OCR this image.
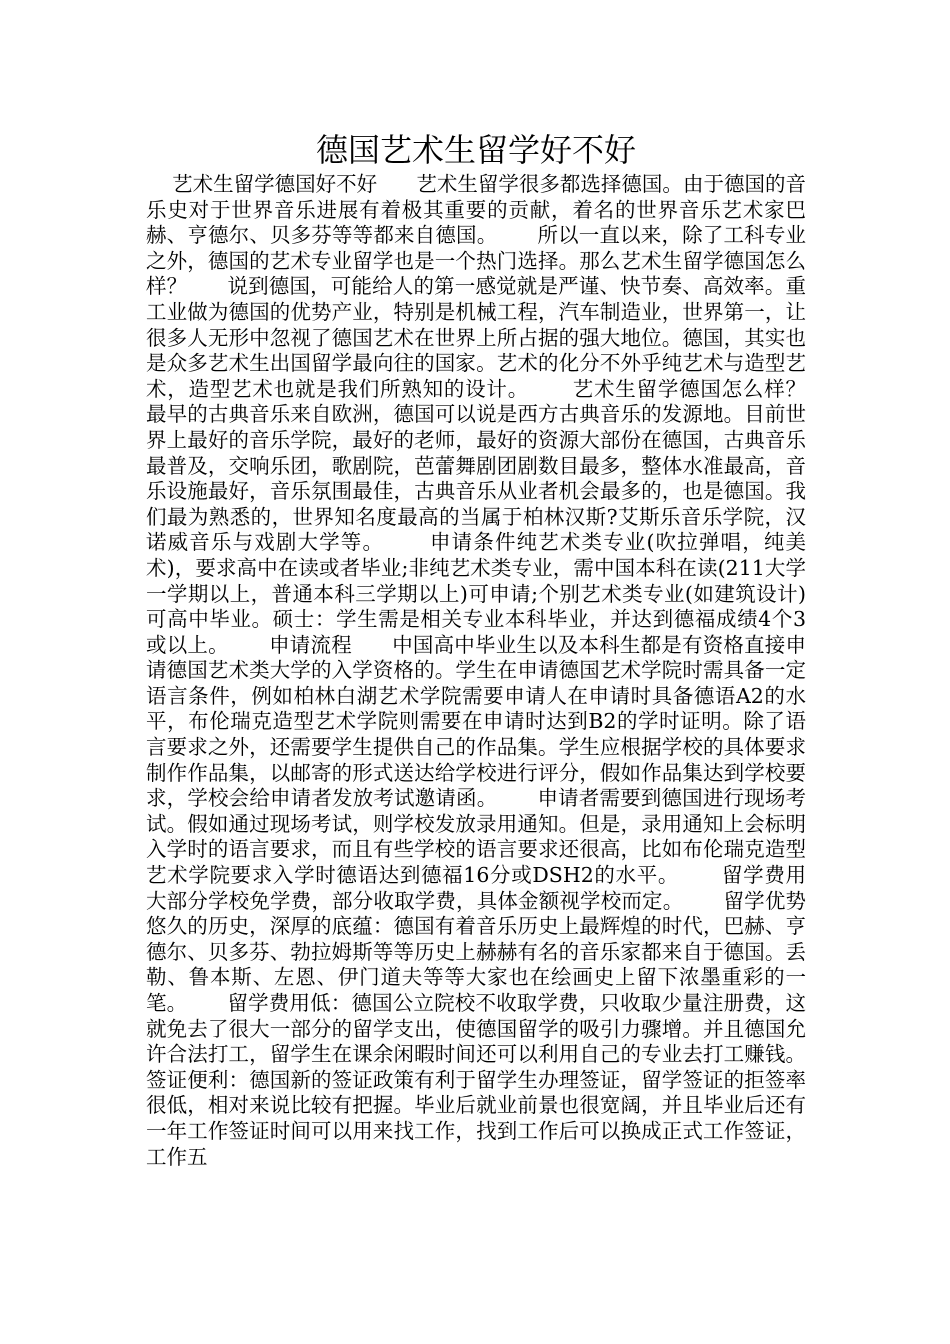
德国艺术生留学好不好

艺术生留学德国好不好      艺术生留学很多都选择德国。由于德国的音乐史对于世界音乐进展有着极其重要的贡献，着名的世界音乐艺术家巴赫、亨德尔、贝多芬等等都来自德国。      所以一直以来，除了工科专业之外，德国的艺术专业留学也是一个热门选择。那么艺术生留学德国怎么样？      说到德国，可能给人的第一感觉就是严谨、快节奏、高效率。重工业做为德国的优势产业，特别是机械工程，汽车制造业，世界第一，让很多人无形中忽视了德国艺术在世界上所占据的强大地位。德国，其实也是众多艺术生出国留学最向往的国家。艺术的化分不外乎纯艺术与造型艺术，造型艺术也就是我们所熟知的设计。      艺术生留学德国怎么样？      最早的古典音乐来自欧洲，德国可以说是西方古典音乐的发源地。目前世界上最好的音乐学院，最好的老师，最好的资源大部份在德国，古典音乐最普及，交响乐团，歌剧院，芭蕾舞剧团剧数目最多，整体水准最高，音乐设施最好，音乐氛围最佳，古典音乐从业者机会最多的，也是德国。我们最为熟悉的，世界知名度最高的当属于柏林汉斯?艾斯乐音乐学院，汉诺威音乐与戏剧大学等。      申请条件纯艺术类专业(吹拉弹唱，纯美术)，要求高中在读或者毕业;非纯艺术类专业，需中国本科在读(211大学一学期以上，普通本科三学期以上)可申请;个别艺术类专业(如建筑设计)可高中毕业。硕士：学生需是相关专业本科毕业，并达到德福成绩4个3或以上。      申请流程      中国高中毕业生以及本科生都是有资格直接申请德国艺术类大学的入学资格的。学生在申请德国艺术学院时需具备一定语言条件，例如柏林白湖艺术学院需要申请人在申请时具备德语A2的水平，布伦瑞克造型艺术学院则需要在申请时达到B2的学时证明。除了语言要求之外，还需要学生提供自己的作品集。学生应根据学校的具体要求制作作品集，以邮寄的形式送达给学校进行评分，假如作品集达到学校要求，学校会给申请者发放考试邀请函。      申请者需要到德国进行现场考试。假如通过现场考试，则学校发放录用通知。但是，录用通知上会标明入学时的语言要求，而且有些学校的语言要求还很高，比如布伦瑞克造型艺术学院要求入学时德语达到德福16分或DSH2的水平。      留学费用      大部分学校免学费，部分收取学费，具体金额视学校而定。      留学优势      悠久的历史，深厚的底蕴：德国有着音乐历史上最辉煌的时代，巴赫、亨德尔、贝多芬、勃拉姆斯等等历史上赫赫有名的音乐家都来自于德国。丢勒、鲁本斯、左恩、伊门道夫等等大家也在绘画史上留下浓墨重彩的一笔。      留学费用低：德国公立院校不收取学费，只收取少量注册费，这就免去了很大一部分的留学支出，使德国留学的吸引力骤增。并且德国允许合法打工，留学生在课余闲暇时间还可以利用自己的专业去打工赚钱。      签证便利：德国新的签证政策有利于留学生办理签证，留学签证的拒签率很低，相对来说比较有把握。毕业后就业前景也很宽阔，并且毕业后还有一年工作签证时间可以用来找工作，找到工作后可以换成正式工作签证，工作五
